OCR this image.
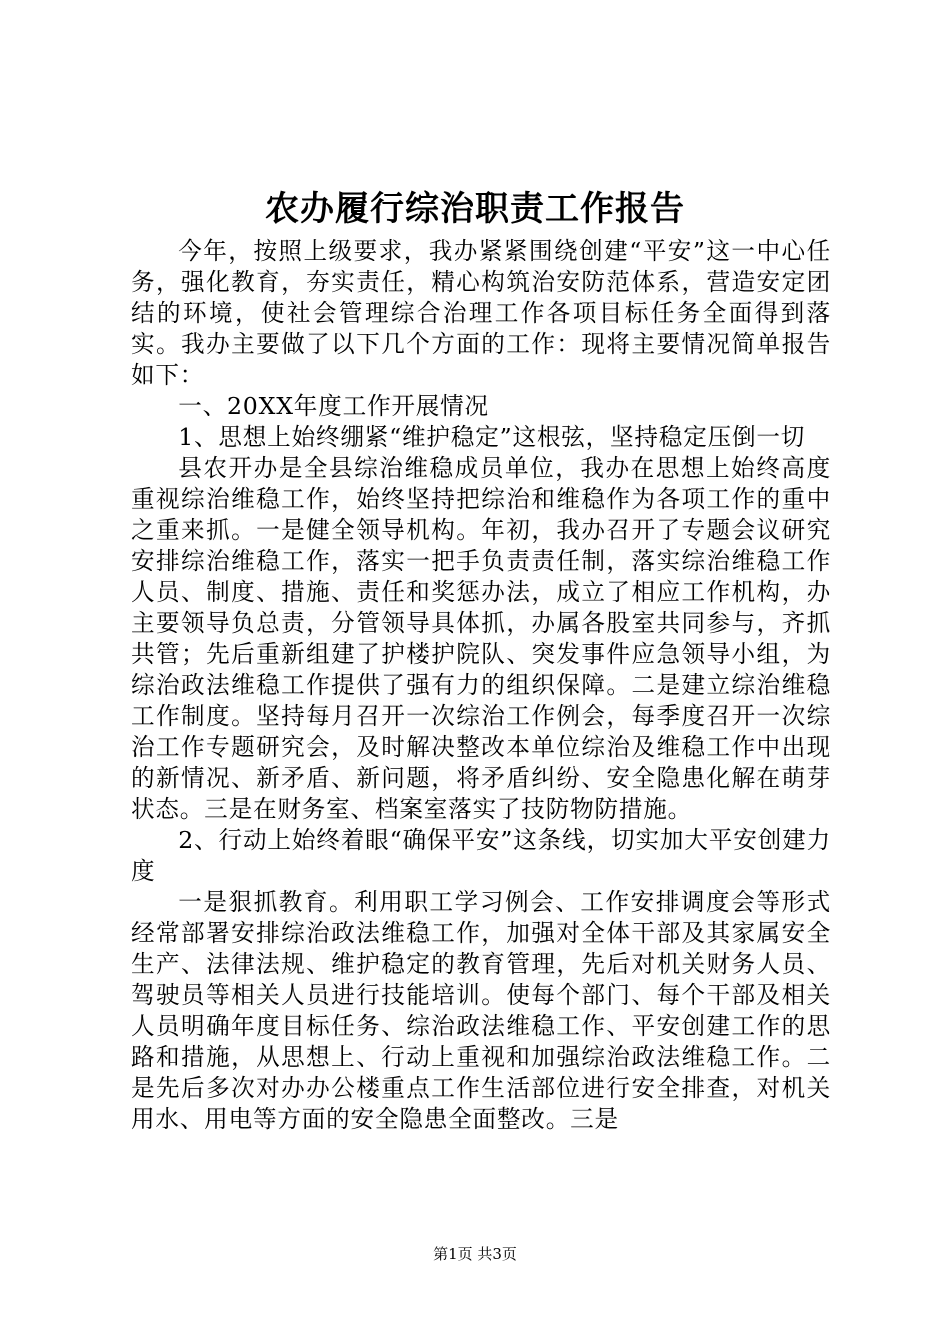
农办履行综治职责工作报告

今年，按照上级要求，我办紧紧围绕创建“平安”这一中心任务，强化教育，夯实责任，精心构筑治安防范体系，营造安定团结的环境，使社会管理综合治理工作各项目标任务全面得到落实。我办主要做了以下几个方面的工作：现将主要情况简单报告如下：

一、20XX年度工作开展情况

1、思想上始终绷紧“维护稳定”这根弦，坚持稳定压倒一切

县农开办是全县综治维稳成员单位，我办在思想上始终高度重视综治维稳工作，始终坚持把综治和维稳作为各项工作的重中之重来抓。一是健全领导机构。年初，我办召开了专题会议研究安排综治维稳工作，落实一把手负责责任制，落实综治维稳工作人员、制度、措施、责任和奖惩办法，成立了相应工作机构，办主要领导负总责，分管领导具体抓，办属各股室共同参与，齐抓共管；先后重新组建了护楼护院队、突发事件应急领导小组，为综治政法维稳工作提供了强有力的组织保障。二是建立综治维稳工作制度。坚持每月召开一次综治工作例会，每季度召开一次综治工作专题研究会，及时解决整改本单位综治及维稳工作中出现的新情况、新矛盾、新问题，将矛盾纠纷、安全隐患化解在萌芽状态。三是在财务室、档案室落实了技防物防措施。

2、行动上始终着眼“确保平安”这条线，切实加大平安创建力度

一是狠抓教育。利用职工学习例会、工作安排调度会等形式经常部署安排综治政法维稳工作，加强对全体干部及其家属安全生产、法律法规、维护稳定的教育管理，先后对机关财务人员、驾驶员等相关人员进行技能培训。使每个部门、每个干部及相关人员明确年度目标任务、综治政法维稳工作、平安创建工作的思路和措施，从思想上、行动上重视和加强综治政法维稳工作。二是先后多次对办办公楼重点工作生活部位进行安全排查，对机关用水、用电等方面的安全隐患全面整改。三是

第1页 共3页
